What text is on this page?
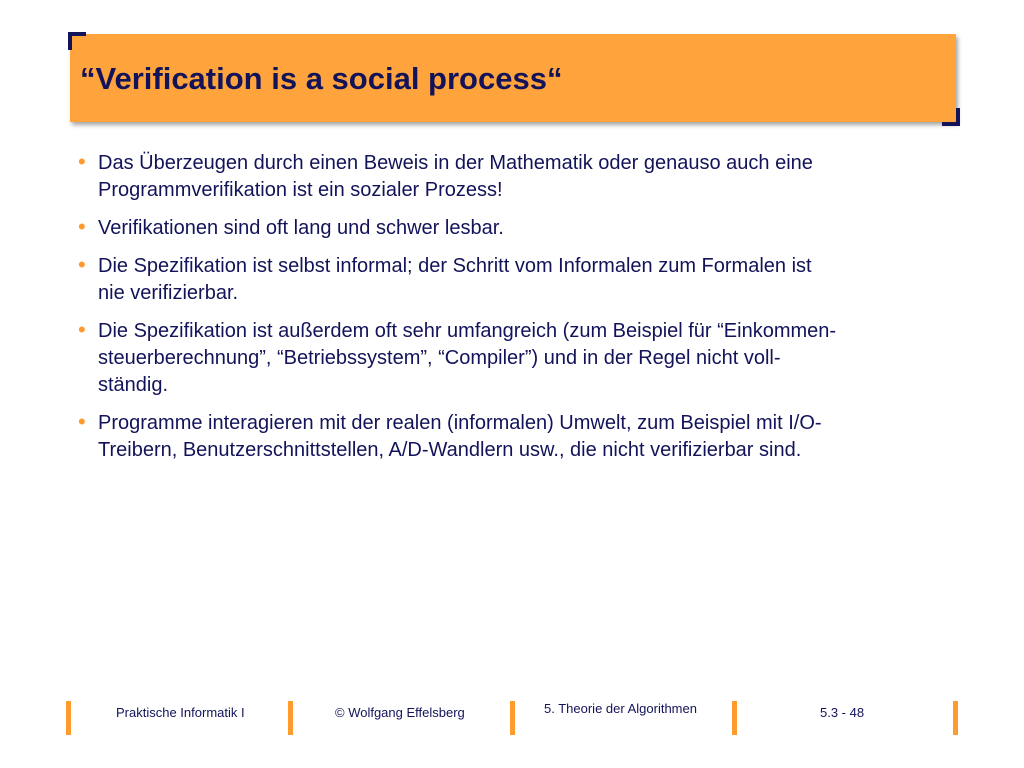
“Verification is a social process“
• Das Überzeugen durch einen Beweis in der Mathematik oder genauso auch eine
Programmverifikation ist ein sozialer Prozess!
• Verifikationen sind oft lang und schwer lesbar.
• Die Spezifikation ist selbst informal; der Schritt vom Informalen zum Formalen ist
nie verifizierbar.
• Die Spezifikation ist außerdem oft sehr umfangreich (zum Beispiel für “Einkommen-
steuerberechnung”, “Betriebssystem”, “Compiler”) und in der Regel nicht voll-
ständig.
• Programme interagieren mit der realen (informalen) Umwelt, zum Beispiel mit I/O-
Treibern, Benutzerschnittstellen, A/D-Wandlern usw., die nicht verifizierbar sind.
Praktische Informatik I	© Wolfgang Effelsberg	5. Theorie der Algorithmen	5.3 - 48
